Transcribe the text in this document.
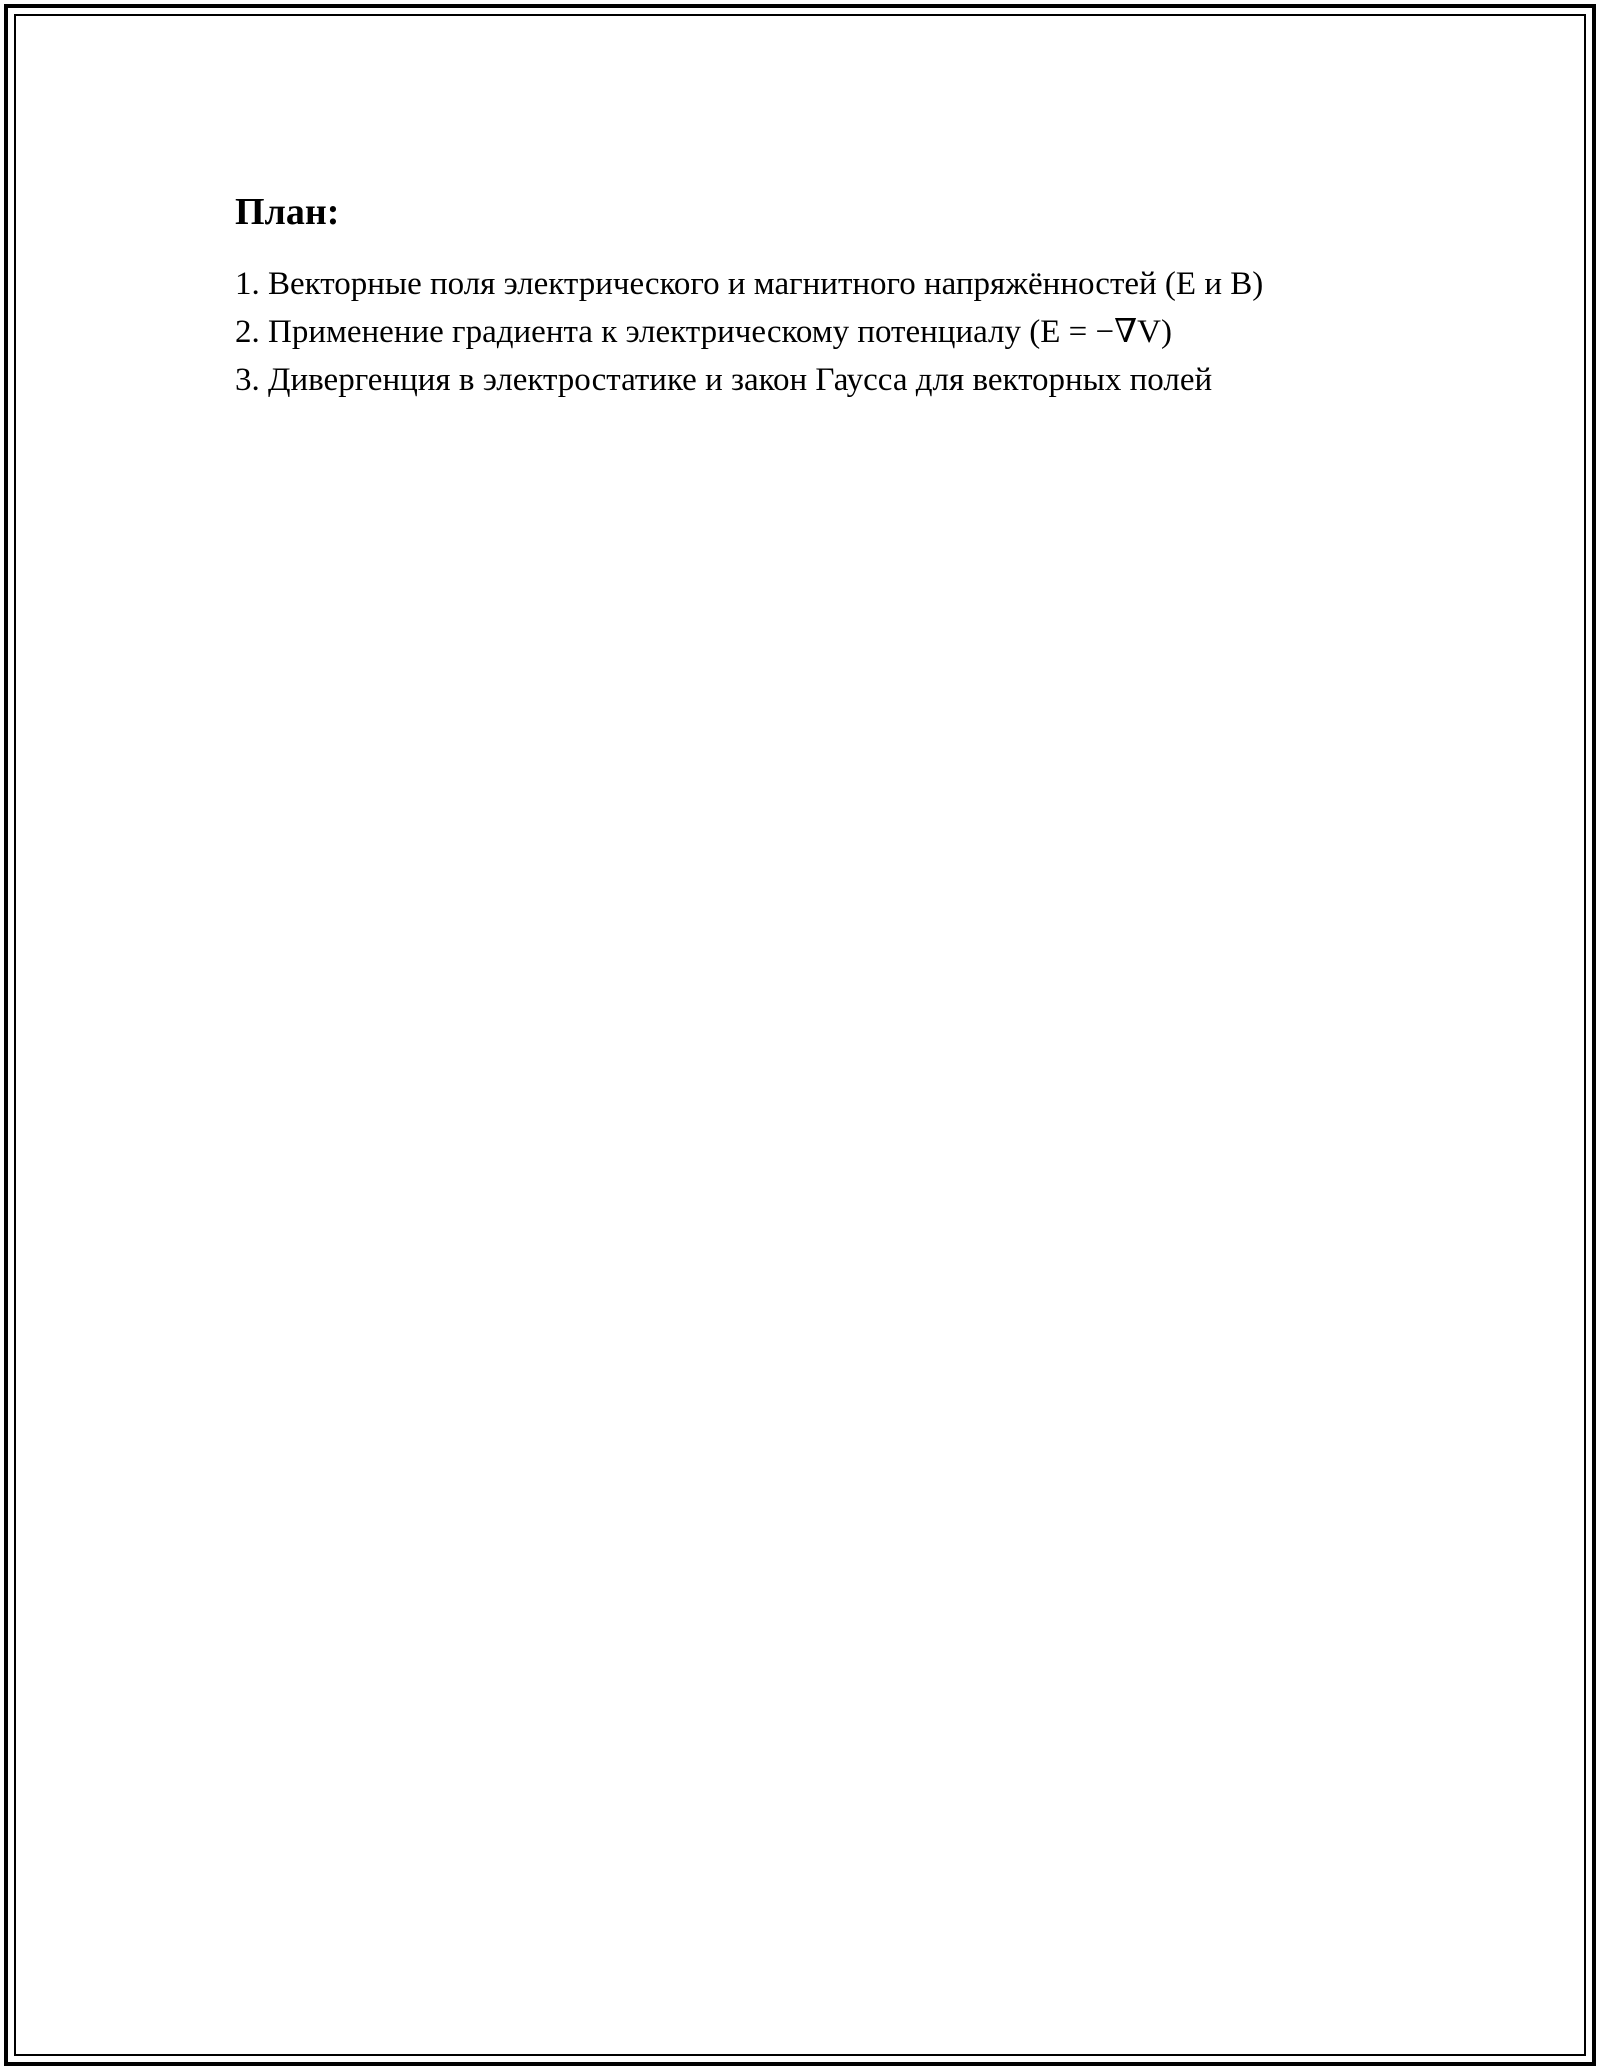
План:
1. Векторные поля электрического и магнитного напряжённостей (E и B)
2. Применение градиента к электрическому потенциалу (E = −∇V)
3. Дивергенция в электростатике и закон Гаусса для векторных полей
